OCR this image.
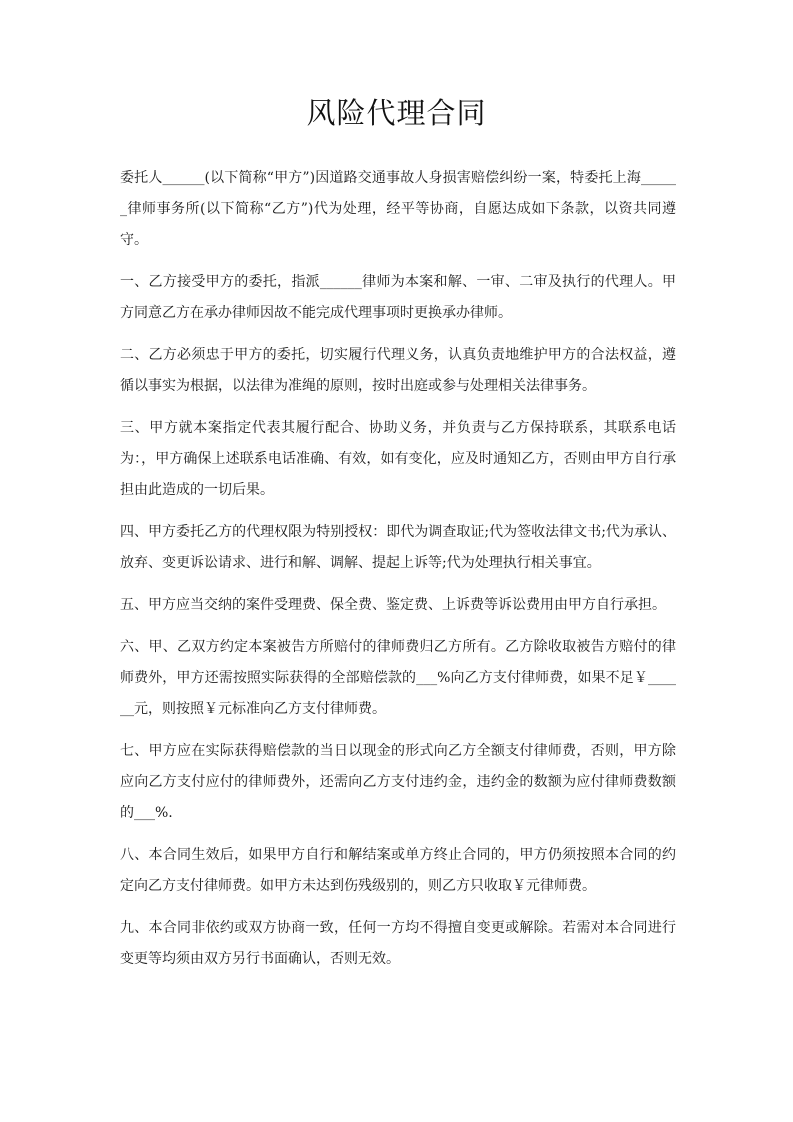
风险代理合同

委托人______(以下简称“甲方”)因道路交通事故人身损害赔偿纠纷一案，特委托上海______律师事务所(以下简称“乙方”)代为处理，经平等协商，自愿达成如下条款，以资共同遵守。

一、乙方接受甲方的委托，指派______律师为本案和解、一审、二审及执行的代理人。甲方同意乙方在承办律师因故不能完成代理事项时更换承办律师。

二、乙方必须忠于甲方的委托，切实履行代理义务，认真负责地维护甲方的合法权益，遵循以事实为根据，以法律为准绳的原则，按时出庭或参与处理相关法律事务。

三、甲方就本案指定代表其履行配合、协助义务，并负责与乙方保持联系，其联系电话为：，甲方确保上述联系电话准确、有效，如有变化，应及时通知乙方，否则由甲方自行承担由此造成的一切后果。

四、甲方委托乙方的代理权限为特别授权：即代为调查取证;代为签收法律文书;代为承认、放弃、变更诉讼请求、进行和解、调解、提起上诉等;代为处理执行相关事宜。

五、甲方应当交纳的案件受理费、保全费、鉴定费、上诉费等诉讼费用由甲方自行承担。

六、甲、乙双方约定本案被告方所赔付的律师费归乙方所有。乙方除收取被告方赔付的律师费外，甲方还需按照实际获得的全部赔偿款的___%向乙方支付律师费，如果不足￥______元，则按照￥元标准向乙方支付律师费。

七、甲方应在实际获得赔偿款的当日以现金的形式向乙方全额支付律师费，否则，甲方除应向乙方支付应付的律师费外，还需向乙方支付违约金，违约金的数额为应付律师费数额的___%.

八、本合同生效后，如果甲方自行和解结案或单方终止合同的，甲方仍须按照本合同的约定向乙方支付律师费。如甲方未达到伤残级别的，则乙方只收取￥元律师费。

九、本合同非依约或双方协商一致，任何一方均不得擅自变更或解除。若需对本合同进行变更等均须由双方另行书面确认，否则无效。
